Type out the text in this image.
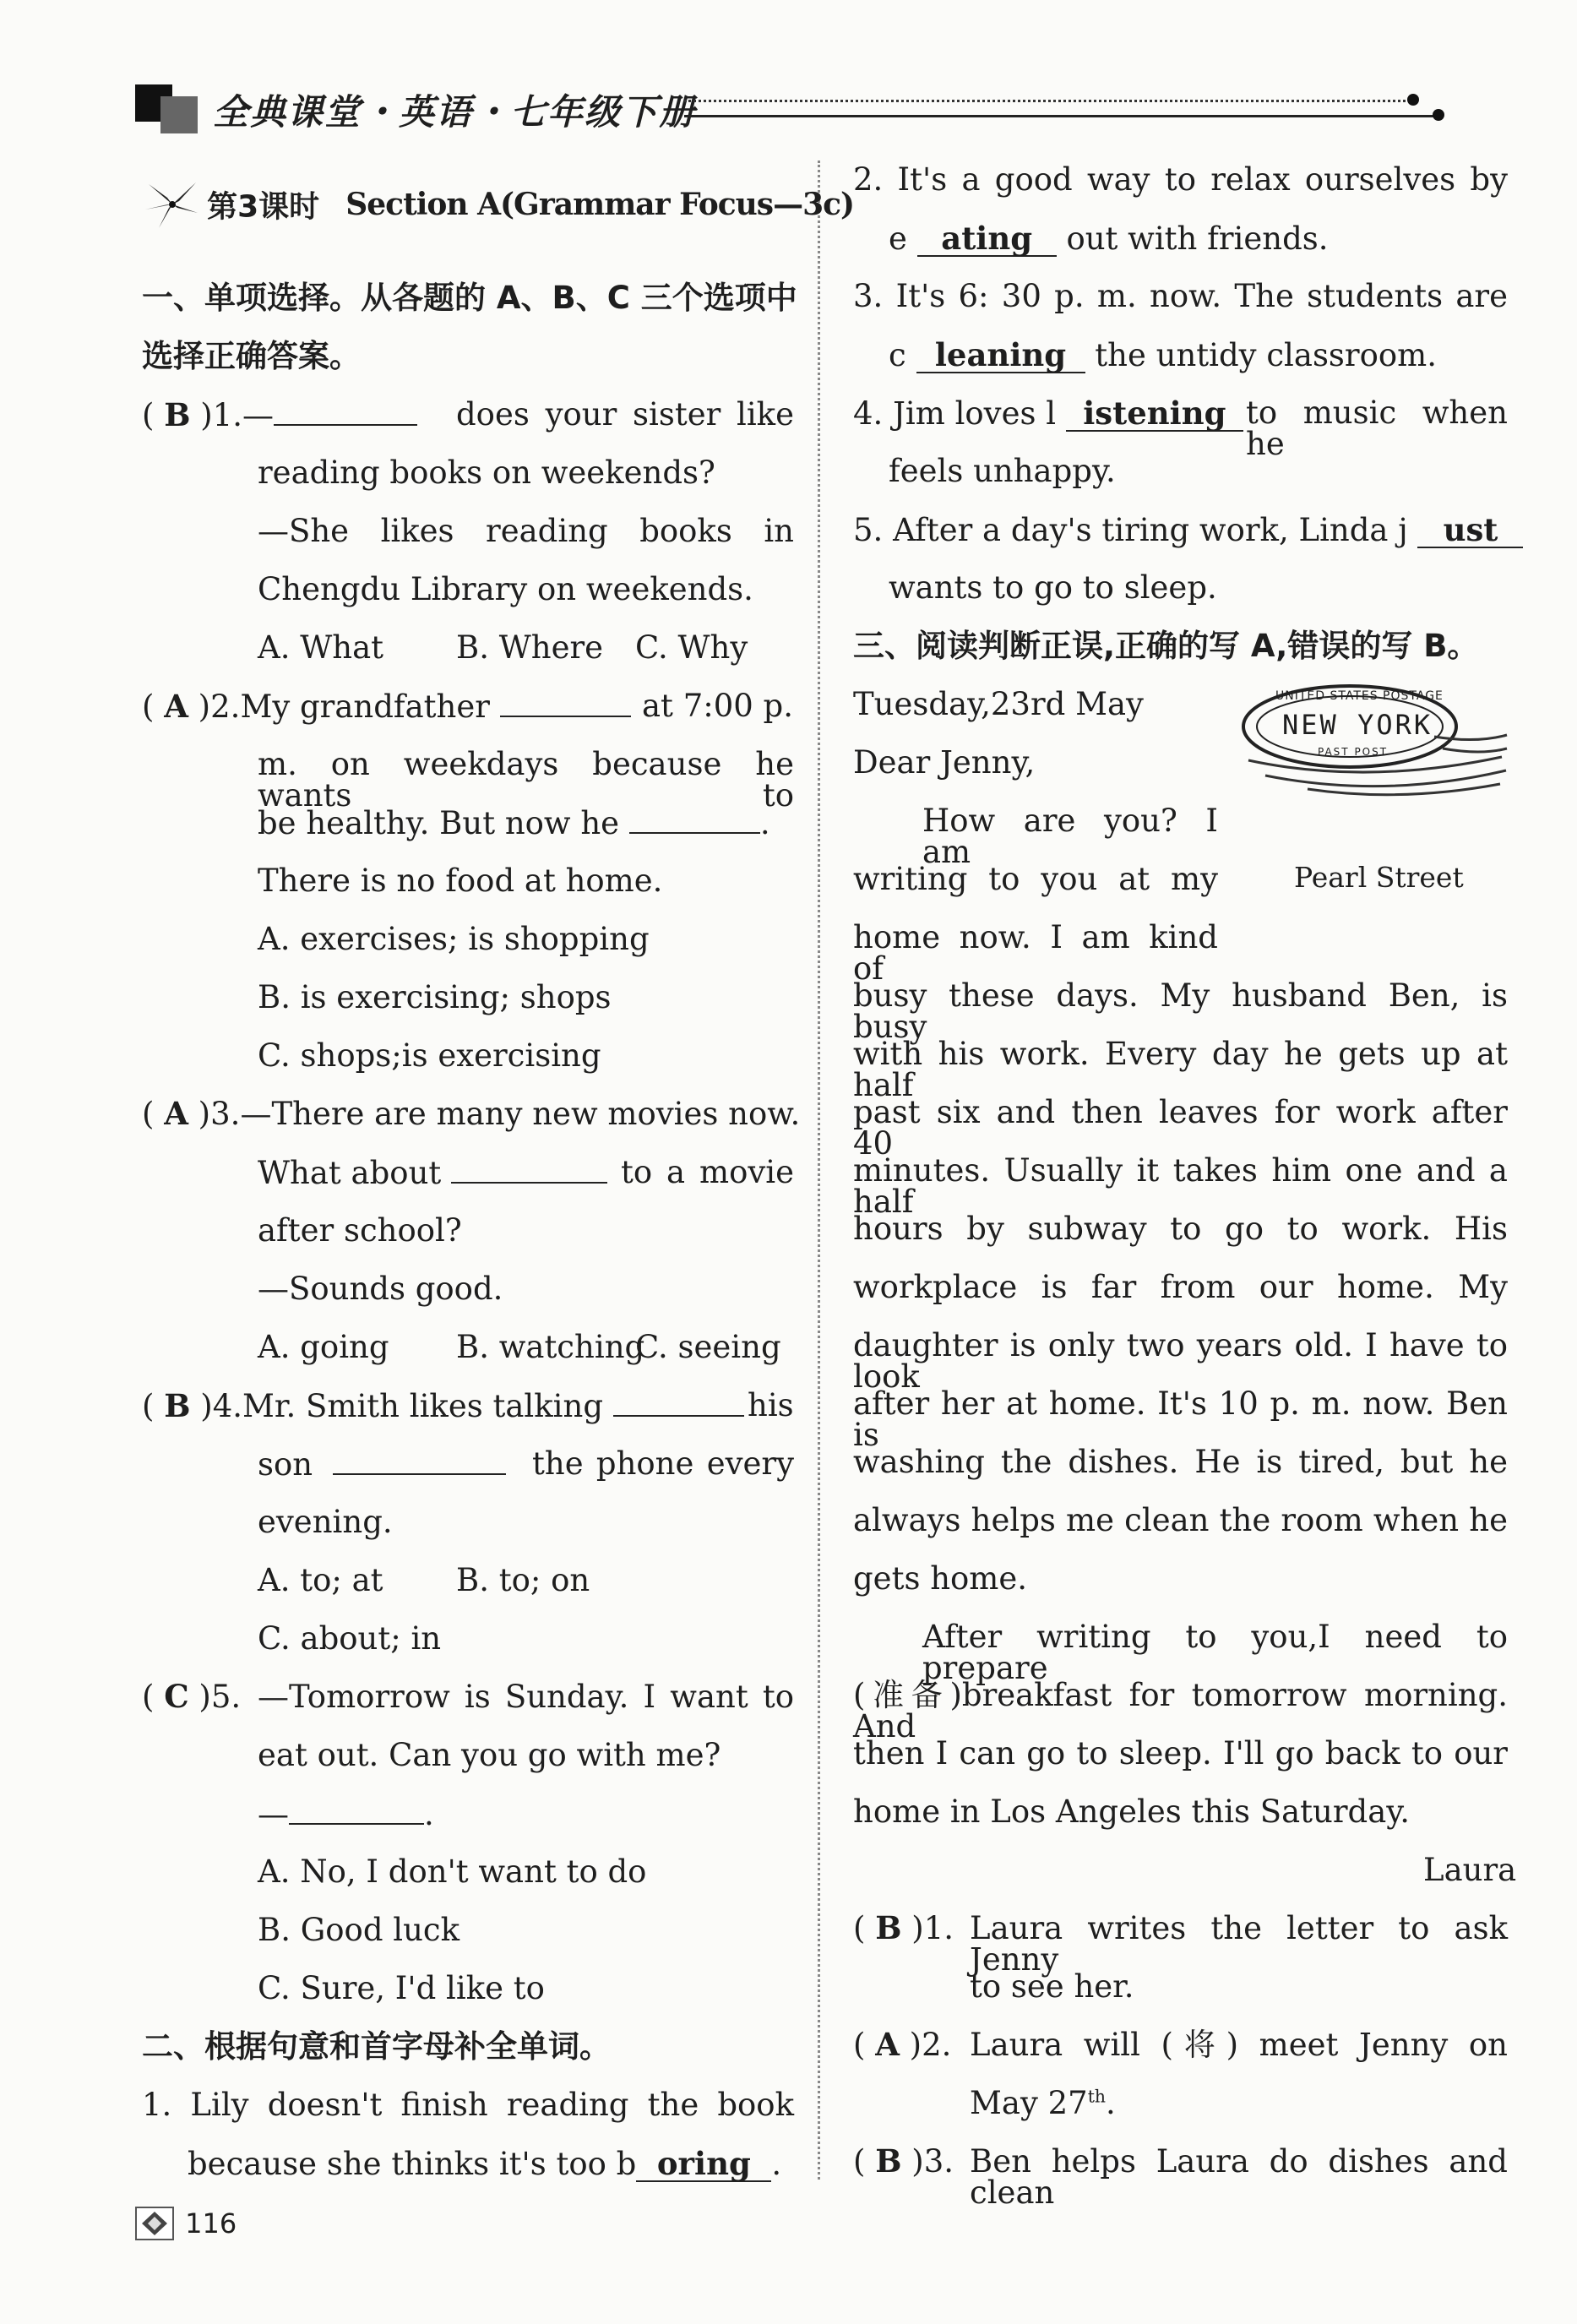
全典课堂・英语・七年级下册
第3课时 Section A(Grammar Focus—3c)
一、单项选择。从各题的 A、B、C 三个选项中
选择正确答案。
( B )1.—	does your sister like
reading books on weekends?
—She likes reading books in
Chengdu Library on weekends.
A. What B. Where C. Why
( A )2.My grandfather	at 7:00 p.
m. on weekdays because he wants to
be healthy. But now he	.
There is no food at home.
A. exercises; is shopping
B. is exercising; shops
C. shops;is exercising
( A )3.—There are many new movies now.
What about	to a movie
after school?
—Sounds good.
A. going B. watching
C. seeing
( B )4.Mr. Smith likes talking	his
son	the phone every
evening.
A. to; at B. to; on
C. about; in
( C )5. —Tomorrow is Sunday. I want to
eat out. Can you go with me?
—	.
A. No, I don't want to do
B. Good luck
C. Sure, I'd like to
二、根据句意和首字母补全单词。
1. Lily doesn't finish reading the book
because she thinks it's too b oring .
2. It's a good way to relax ourselves by
e ating out with friends.
3. It's 6: 30 p. m. now. The students are
c leaning the untidy classroom.
4. Jim loves l istening to music when he
feels unhappy.
5. After a day's tiring work, Linda j ust
wants to go to sleep.
三、阅读判断正误,正确的写 A,错误的写 B。
UNITED STATES POSTAGE
NEW YORK
PAST POST
Pearl Street
Tuesday,23rd May
Dear Jenny,
How are you? I am
writing to you at my
home now. I am kind of
busy these days. My husband Ben, is busy
with his work. Every day he gets up at half
past six and then leaves for work after 40
minutes. Usually it takes him one and a half
hours by subway to go to work. His
workplace is far from our home. My
daughter is only two years old. I have to look
after her at home. It's 10 p. m. now. Ben is
washing the dishes. He is tired, but he
always helps me clean the room when he
gets home.
After writing to you,I need to prepare
(准备)breakfast for tomorrow morning. And
then I can go to sleep. I'll go back to our
home in Los Angeles this Saturday.
Laura
( B )1. Laura writes the letter to ask Jenny
to see her.
( A )2. Laura will (将) meet Jenny on
May 27th.
( B )3. Ben helps Laura do dishes and clean
116
